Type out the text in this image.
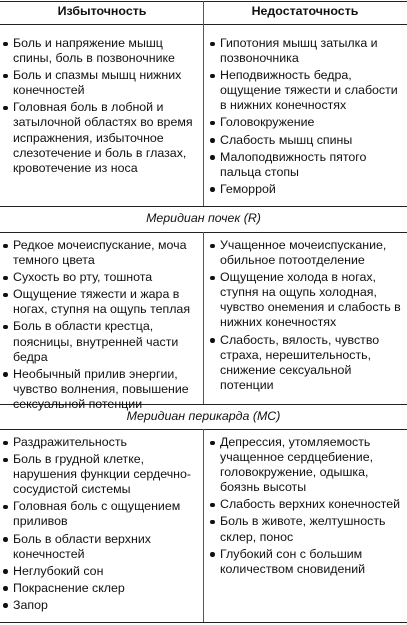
Избыточность	Недостаточность
Боль и напряжение мышц спины, боль в позвоночнике
Боль и спазмы мышц нижних конечностей
Головная боль в лобной и затылочной областях во время испражнения, избыточное слезотечение и боль в глазах, кровотечение из носа
Гипотония мышц затылка и позвоночника
Неподвижность бедра, ощущение тяжести и слабости в нижних конечностях
Головокружение
Слабость мышц спины
Малоподвижность пятого пальца стопы
Геморрой
Меридиан почек (R)
Редкое мочеиспускание, моча темного цвета
Сухость во рту, тошнота
Ощущение тяжести и жара в ногах, ступня на ощупь теплая
Боль в области крестца, поясницы, внутренней части бедра
Необычный прилив энергии, чувство волнения, повышение сексуальной потенции
Учащенное мочеиспускание, обильное потоотделение
Ощущение холода в ногах, ступня на ощупь холодная, чувство онемения и слабость в нижних конечностях
Слабость, вялость, чувство страха, нерешительность, снижение сексуальной потенции
Меридиан перикарда (MC)
Раздражительность
Боль в грудной клетке, нарушения функции сердечно-сосудистой системы
Головная боль с ощущением приливов
Боль в области верхних конечностей
Неглубокий сон
Покраснение склер
Запор
Депрессия, утомляемость учащенное сердцебиение, головокружение, одышка, боязнь высоты
Слабость верхних конечностей
Боль в животе, желтушность склер, понос
Глубокий сон с большим количеством сновидений
